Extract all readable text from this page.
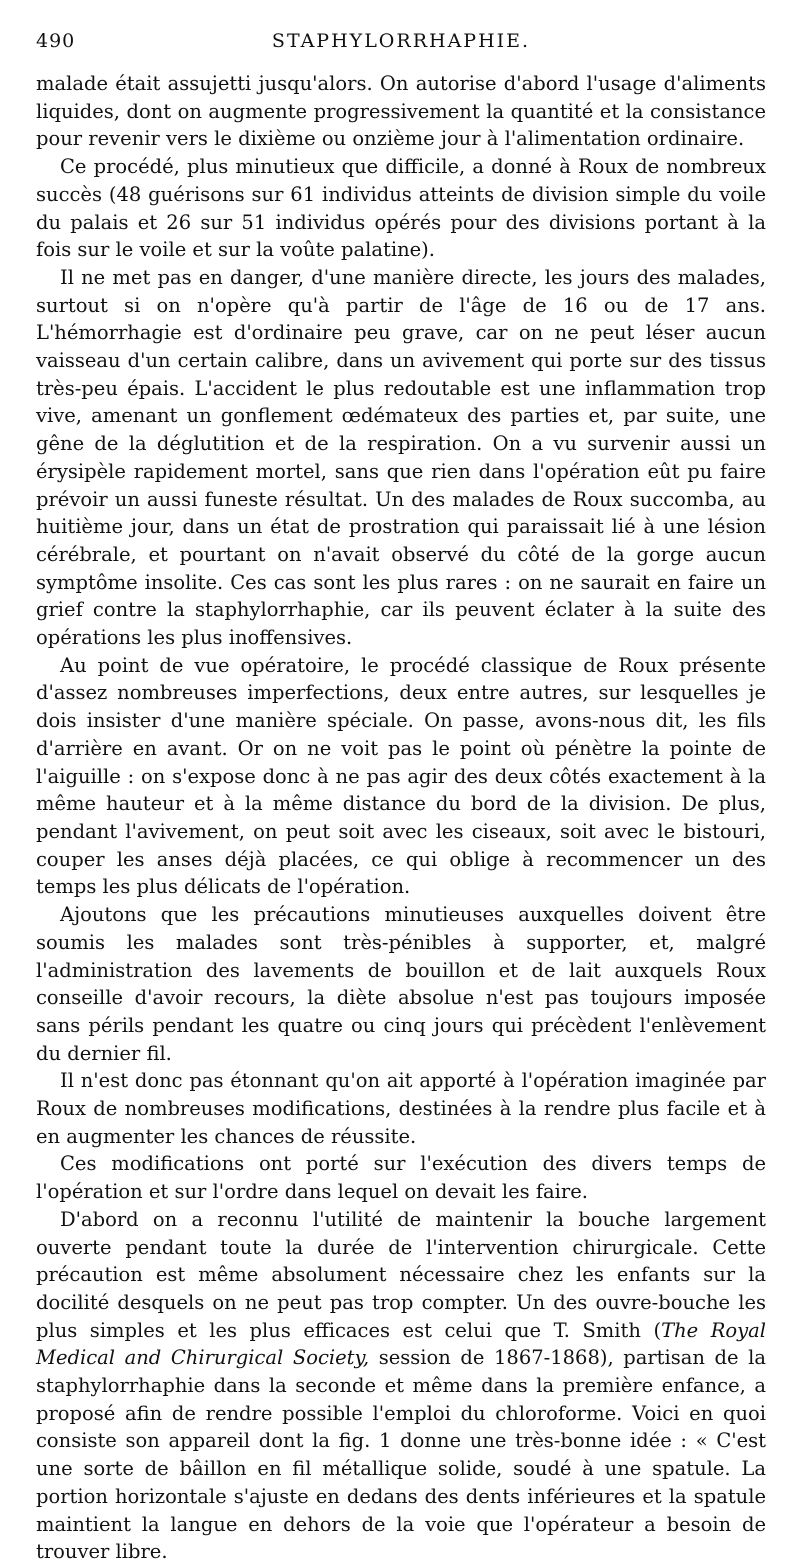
490	STAPHYLORRHAPHIE.

malade était assujetti jusqu'alors. On autorise d'abord l'usage d'aliments liquides, dont on augmente progressivement la quantité et la consistance pour revenir vers le dixième ou onzième jour à l'alimentation ordinaire.

Ce procédé, plus minutieux que difficile, a donné à Roux de nombreux succès (48 guérisons sur 61 individus atteints de division simple du voile du palais et 26 sur 51 individus opérés pour des divisions portant à la fois sur le voile et sur la voûte palatine).

Il ne met pas en danger, d'une manière directe, les jours des malades, surtout si on n'opère qu'à partir de l'âge de 16 ou de 17 ans. L'hémorrhagie est d'ordinaire peu grave, car on ne peut léser aucun vaisseau d'un certain calibre, dans un avivement qui porte sur des tissus très-peu épais. L'accident le plus redoutable est une inflammation trop vive, amenant un gonflement œdémateux des parties et, par suite, une gêne de la déglutition et de la respiration. On a vu survenir aussi un érysipèle rapidement mortel, sans que rien dans l'opération eût pu faire prévoir un aussi funeste résultat. Un des malades de Roux succomba, au huitième jour, dans un état de prostration qui paraissait lié à une lésion cérébrale, et pourtant on n'avait observé du côté de la gorge aucun symptôme insolite. Ces cas sont les plus rares : on ne saurait en faire un grief contre la staphylorrhaphie, car ils peuvent éclater à la suite des opérations les plus inoffensives.

Au point de vue opératoire, le procédé classique de Roux présente d'assez nombreuses imperfections, deux entre autres, sur lesquelles je dois insister d'une manière spéciale. On passe, avons-nous dit, les fils d'arrière en avant. Or on ne voit pas le point où pénètre la pointe de l'aiguille : on s'expose donc à ne pas agir des deux côtés exactement à la même hauteur et à la même distance du bord de la division. De plus, pendant l'avivement, on peut soit avec les ciseaux, soit avec le bistouri, couper les anses déjà placées, ce qui oblige à recommencer un des temps les plus délicats de l'opération.

Ajoutons que les précautions minutieuses auxquelles doivent être soumis les malades sont très-pénibles à supporter, et, malgré l'administration des lavements de bouillon et de lait auxquels Roux conseille d'avoir recours, la diète absolue n'est pas toujours imposée sans périls pendant les quatre ou cinq jours qui précèdent l'enlèvement du dernier fil.

Il n'est donc pas étonnant qu'on ait apporté à l'opération imaginée par Roux de nombreuses modifications, destinées à la rendre plus facile et à en augmenter les chances de réussite.

Ces modifications ont porté sur l'exécution des divers temps de l'opération et sur l'ordre dans lequel on devait les faire.

D'abord on a reconnu l'utilité de maintenir la bouche largement ouverte pendant toute la durée de l'intervention chirurgicale. Cette précaution est même absolument nécessaire chez les enfants sur la docilité desquels on ne peut pas trop compter. Un des ouvre-bouche les plus simples et les plus efficaces est celui que T. Smith (The Royal Medical and Chirurgical Society, session de 1867-1868), partisan de la staphylorrhaphie dans la seconde et même dans la première enfance, a proposé afin de rendre possible l'emploi du chloroforme. Voici en quoi consiste son appareil dont la fig. 1 donne une très-bonne idée : « C'est une sorte de bâillon en fil métallique solide, soudé à une spatule. La portion horizontale s'ajuste en dedans des dents inférieures et la spatule maintient la langue en dehors de la voie que l'opérateur a besoin de trouver libre.
